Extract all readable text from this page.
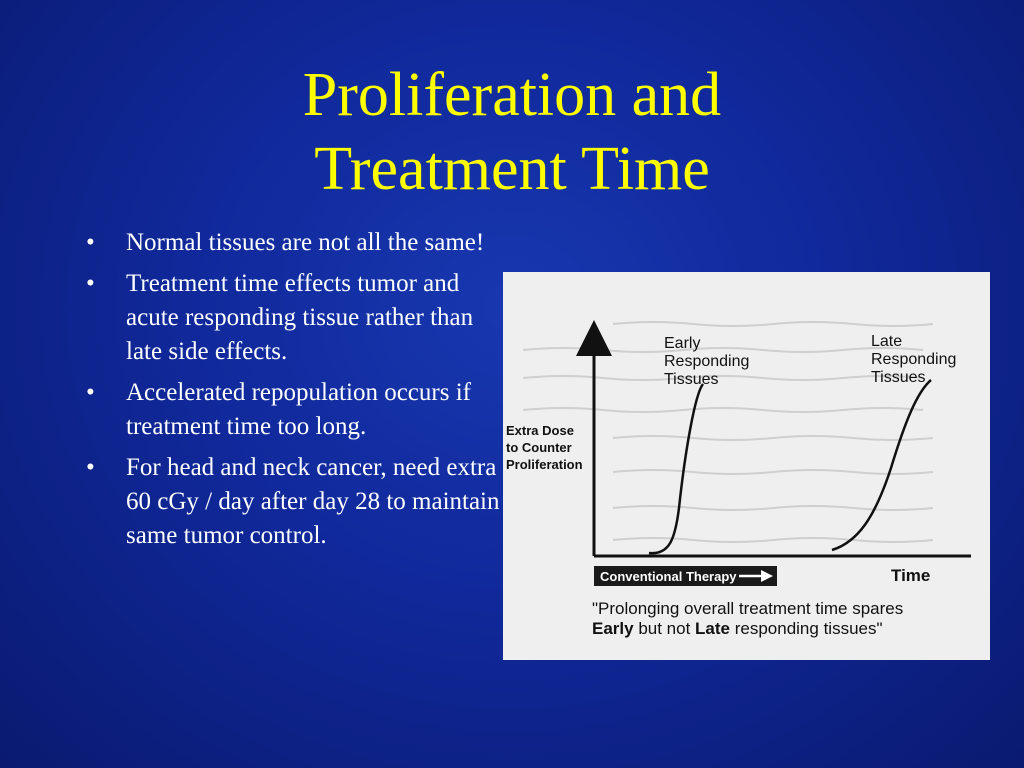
Proliferation and
Treatment Time
• Normal tissues are not all the same!
• Treatment time effects tumor and acute responding tissue rather than late side effects.
• Accelerated repopulation occurs if treatment time too long.
• For head and neck cancer, need extra 60 cGy / day after day 28 to maintain same tumor control.
Early Responding Tissues
Late Responding Tissues
Extra Dose to Counter Proliferation
Conventional Therapy	Time
"Prolonging overall treatment time spares
Early but not Late responding tissues"
